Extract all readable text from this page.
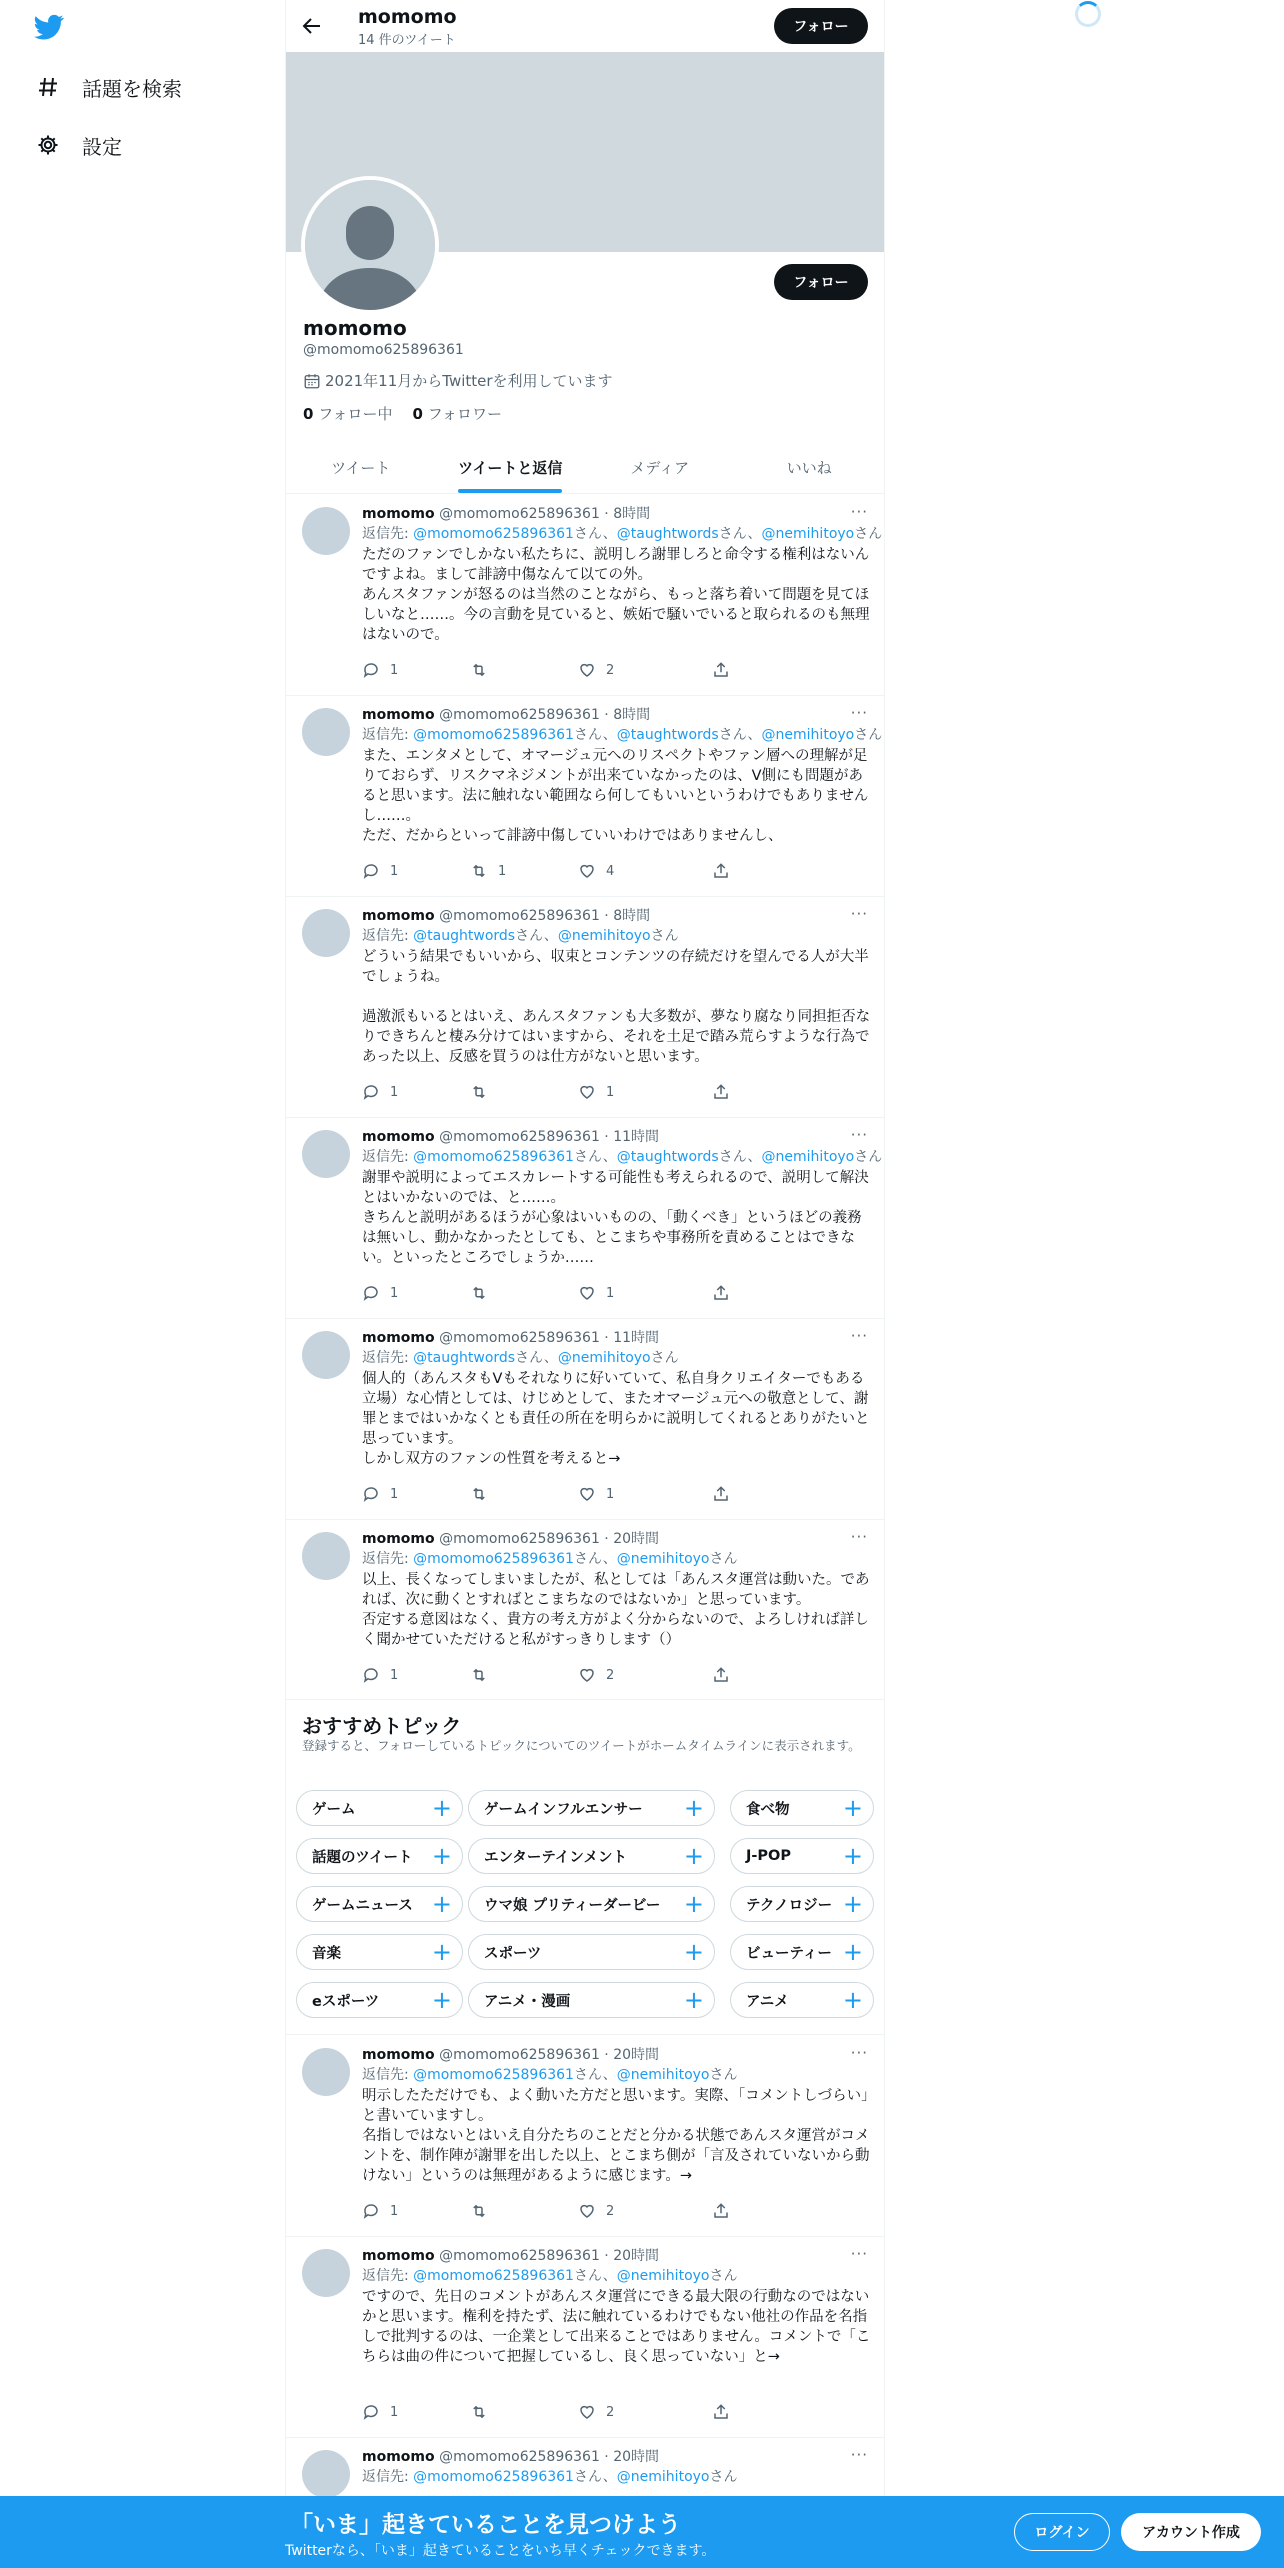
話題を検索
設定
momomo
14 件のツイート
フォロー
フォロー
momomo
@momomo625896361
2021年11月からTwitterを利用しています
0 フォロー中 0 フォロワー
ツイート	ツイートと返信	メディア	いいね
momomo @momomo625896361 · 8時間	···
返信先: @momomo625896361さん、@taughtwordsさん、@nemihitoyoさん
ただのファンでしかない私たちに、説明しろ謝罪しろと命令する権利はないんですよね。まして誹謗中傷なんて以ての外。
あんスタファンが怒るのは当然のことながら、もっと落ち着いて問題を見てほしいなと……。今の言動を見ていると、嫉妬で騒いでいると取られるのも無理はないので。
1	2
momomo @momomo625896361 · 8時間	···
返信先: @momomo625896361さん、@taughtwordsさん、@nemihitoyoさん
また、エンタメとして、オマージュ元へのリスペクトやファン層への理解が足りておらず、リスクマネジメントが出来ていなかったのは、V側にも問題があると思います。法に触れない範囲なら何してもいいというわけでもありませんし……。
ただ、だからといって誹謗中傷していいわけではありませんし、
1	1	4
momomo @momomo625896361 · 8時間	···
返信先: @taughtwordsさん、@nemihitoyoさん
どういう結果でもいいから、収束とコンテンツの存続だけを望んでる人が大半でしょうね。

過激派もいるとはいえ、あんスタファンも大多数が、夢なり腐なり同担拒否なりできちんと棲み分けてはいますから、それを土足で踏み荒らすような行為であった以上、反感を買うのは仕方がないと思います。
1	1
momomo @momomo625896361 · 11時間	···
返信先: @momomo625896361さん、@taughtwordsさん、@nemihitoyoさん
謝罪や説明によってエスカレートする可能性も考えられるので、説明して解決とはいかないのでは、と……。
きちんと説明があるほうが心象はいいものの、「動くべき」というほどの義務は無いし、動かなかったとしても、とこまちや事務所を責めることはできない。といったところでしょうか……
1	1
momomo @momomo625896361 · 11時間	···
返信先: @taughtwordsさん、@nemihitoyoさん
個人的（あんスタもVもそれなりに好いていて、私自身クリエイターでもある立場）な心情としては、けじめとして、またオマージュ元への敬意として、謝罪とまではいかなくとも責任の所在を明らかに説明してくれるとありがたいと思っています。
しかし双方のファンの性質を考えると→
1	1
momomo @momomo625896361 · 20時間	···
返信先: @momomo625896361さん、@nemihitoyoさん
以上、長くなってしまいましたが、私としては「あんスタ運営は動いた。であれば、次に動くとすればとこまちなのではないか」と思っています。
否定する意図はなく、貴方の考え方がよく分からないので、よろしければ詳しく聞かせていただけると私がすっきりします（）
1	2
momomo @momomo625896361 · 20時間	···
返信先: @momomo625896361さん、@nemihitoyoさん
明示したただけでも、よく動いた方だと思います。実際、「コメントしづらい」と書いていますし。
名指しではないとはいえ自分たちのことだと分かる状態であんスタ運営がコメントを、制作陣が謝罪を出した以上、とこまち側が「言及されていないから動けない」というのは無理があるように感じます。→
1	2
momomo @momomo625896361 · 20時間	···
返信先: @momomo625896361さん、@nemihitoyoさん
ですので、先日のコメントがあんスタ運営にできる最大限の行動なのではないかと思います。権利を持たず、法に触れているわけでもない他社の作品を名指しで批判するのは、一企業として出来ることではありません。コメントで「こちらは曲の件について把握しているし、良く思っていない」と→
1	2
momomo @momomo625896361 · 20時間	···
返信先: @momomo625896361さん、@nemihitoyoさん
おすすめトピック
登録すると、フォローしているトピックについてのツイートがホームタイムラインに表示されます。
ゲーム	+ ゲームインフルエンサー +	食べ物 +
話題のツイート + エンターテインメント +	J-POP +
ゲームニュース + ウマ娘 プリティーダービー +	テクノロジー +
音楽	+ スポーツ	+	ビューティー +
eスポーツ + アニメ・漫画	+	アニメ +
「いま」起きていることを見つけよう
Twitterなら、「いま」起きていることをいち早くチェックできます。
ログイン	アカウント作成
